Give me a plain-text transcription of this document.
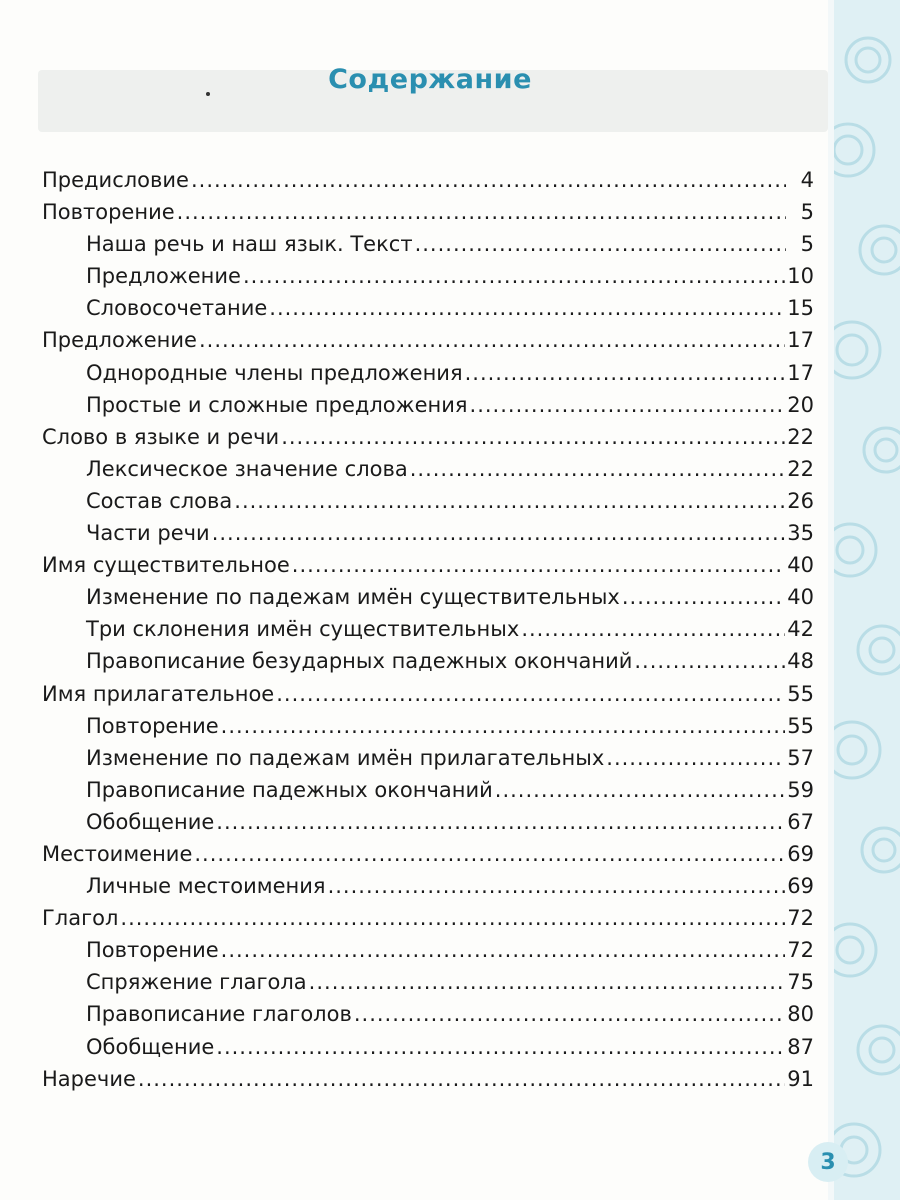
Содержание
Предисловие .....	4
Повторение .....	5
Наша речь и наш язык. Текст .....	5
Предложение .....	10
Словосочетание .....	15
Предложение .....	17
Однородные члены предложения .....	17
Простые и сложные предложения .....	20
Слово в языке и речи .....	22
Лексическое значение слова .....	22
Состав слова .....	26
Части речи .....	35
Имя существительное .....	40
Изменение по падежам имён существительных .....	40
Три склонения имён существительных .....	42
Правописание безударных падежных окончаний .....	48
Имя прилагательное .....	55
Повторение .....	55
Изменение по падежам имён прилагательных .....	57
Правописание падежных окончаний .....	59
Обобщение .....	67
Местоимение .....	69
Личные местоимения .....	69
Глагол .....	72
Повторение .....	72
Спряжение глагола .....	75
Правописание глаголов .....	80
Обобщение .....	87
Наречие .....	91
3
